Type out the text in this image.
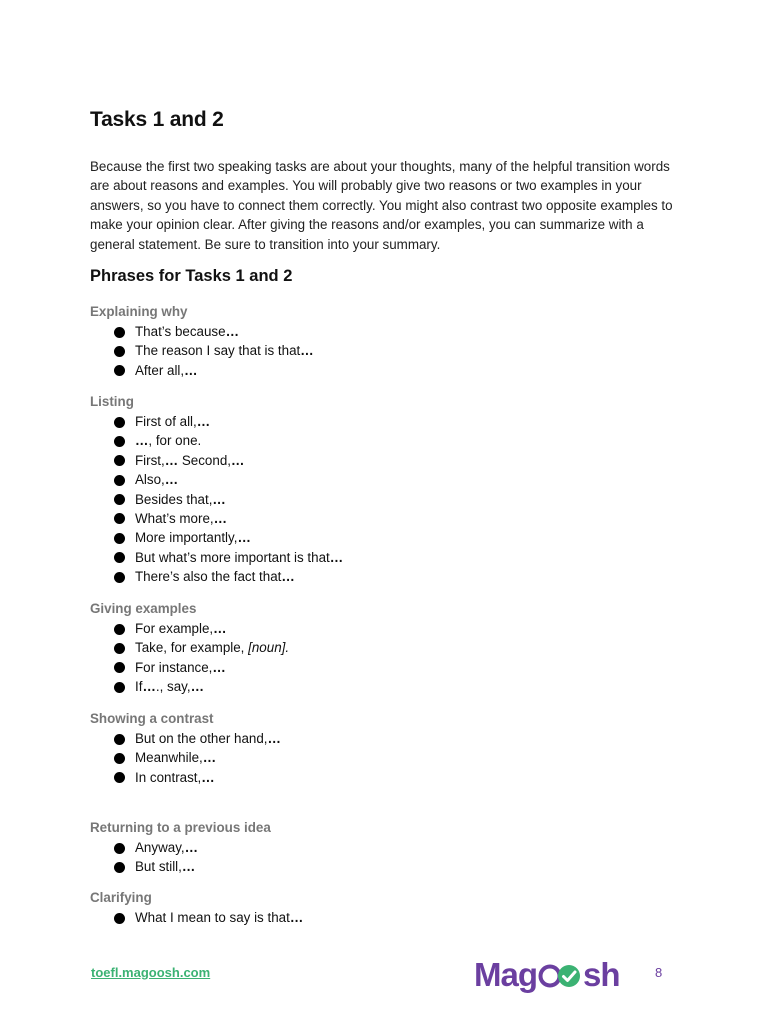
Tasks 1 and 2

Because the first two speaking tasks are about your thoughts, many of the helpful transition words are about reasons and examples. You will probably give two reasons or two examples in your answers, so you have to connect them correctly. You might also contrast two opposite examples to make your opinion clear. After giving the reasons and/or examples, you can summarize with a general statement. Be sure to transition into your summary.

Phrases for Tasks 1 and 2
Explaining why
That’s because…
The reason I say that is that…
After all,…
Listing
First of all,…
…, for one.
First,… Second,…
Also,…
Besides that,…
What’s more,…
More importantly,…
But what’s more important is that…
There’s also the fact that…
Giving examples
For example,…
Take, for example, [noun].
For instance,…
If…., say,…
Showing a contrast
But on the other hand,…
Meanwhile,…
In contrast,…
Returning to a previous idea
Anyway,…
But still,…
Clarifying
What I mean to say is that…
toefl.magoosh.com	Mag sh	8
